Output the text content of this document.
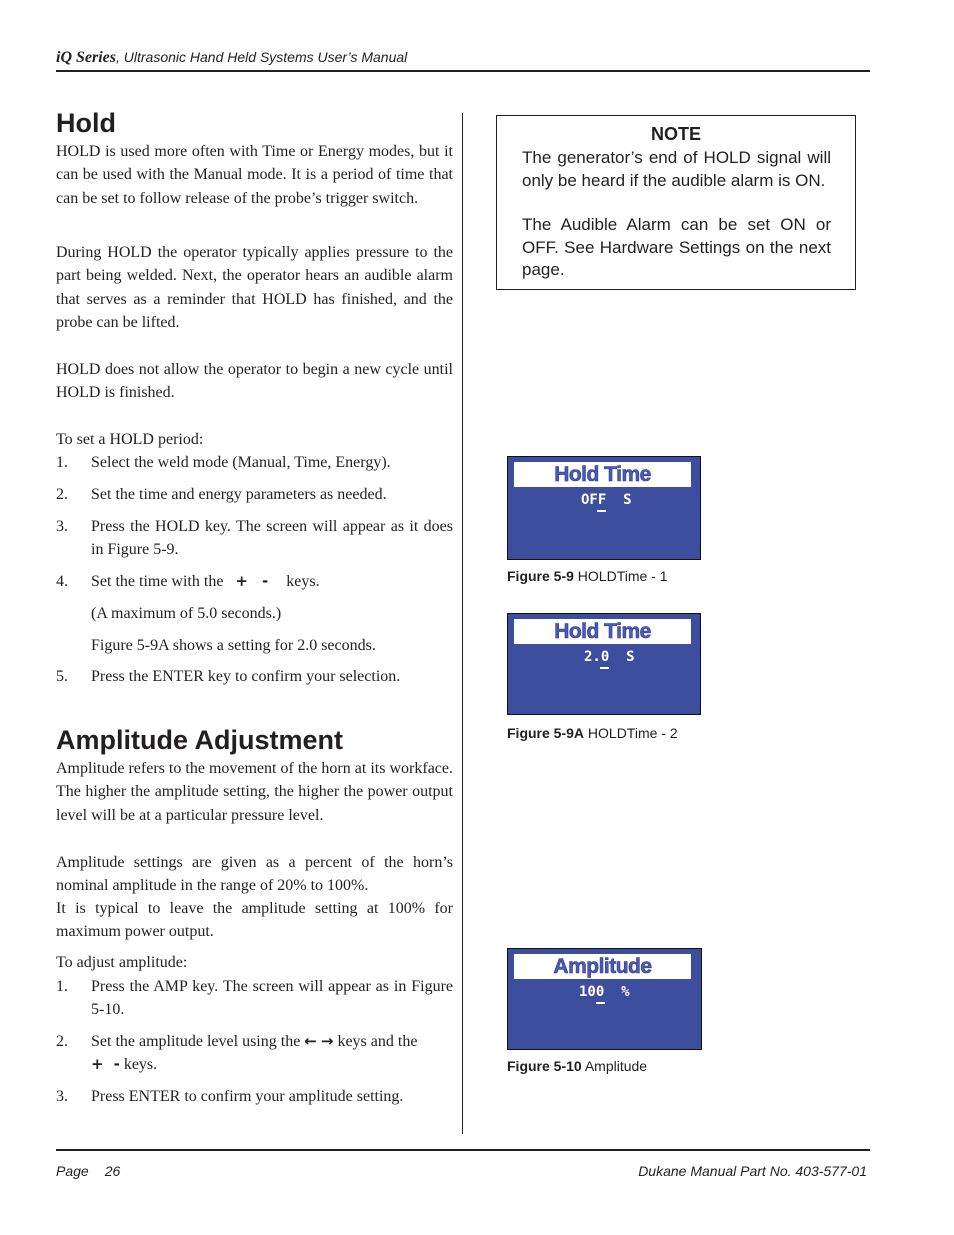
iQ Series, Ultrasonic Hand Held Systems User’s Manual
Hold

HOLD is used more often with Time or Energy modes, but it can be used with the Manual mode. It is a period of time that can be set to follow release of the probe’s trigger switch.

During HOLD the operator typically applies pressure to the part being welded. Next, the operator hears an audible alarm that serves as a reminder that HOLD has finished, and the probe can be lifted.

HOLD does not allow the operator to begin a new cycle until HOLD is finished.

To set a HOLD period:

1. Select the weld mode (Manual, Time, Energy).
2. Set the time and energy parameters as needed.
3. Press the HOLD key. The screen will appear as it does in Figure 5-9.
4. Set the time with the + - keys.
(A maximum of 5.0 seconds.)
Figure 5-9A shows a setting for 2.0 seconds.
5. Press the ENTER key to confirm your selection.
Amplitude Adjustment

Amplitude refers to the movement of the horn at its workface. The higher the amplitude setting, the higher the power output level will be at a particular pressure level.

Amplitude settings are given as a percent of the horn’s nominal amplitude in the range of 20% to 100%.

It is typical to leave the amplitude setting at 100% for maximum power output.

To adjust amplitude:

1. Press the AMP key. The screen will appear as in Figure 5-10.
2. Set the amplitude level using the ← → keys and the
+ - keys.
3. Press ENTER to confirm your amplitude setting.
NOTE

The generator’s end of HOLD signal will only be heard if the audible alarm is ON.

The Audible Alarm can be set ON or OFF. See Hardware Settings on the next page.

Hold Time
OFF  S
Figure 5-9 HOLDTime - 1
Hold Time
2.0  S
Figure 5-9A HOLDTime - 2
Amplitude
100  %
Figure 5-10 Amplitude
Page 26	Dukane Manual Part No. 403-577-01
